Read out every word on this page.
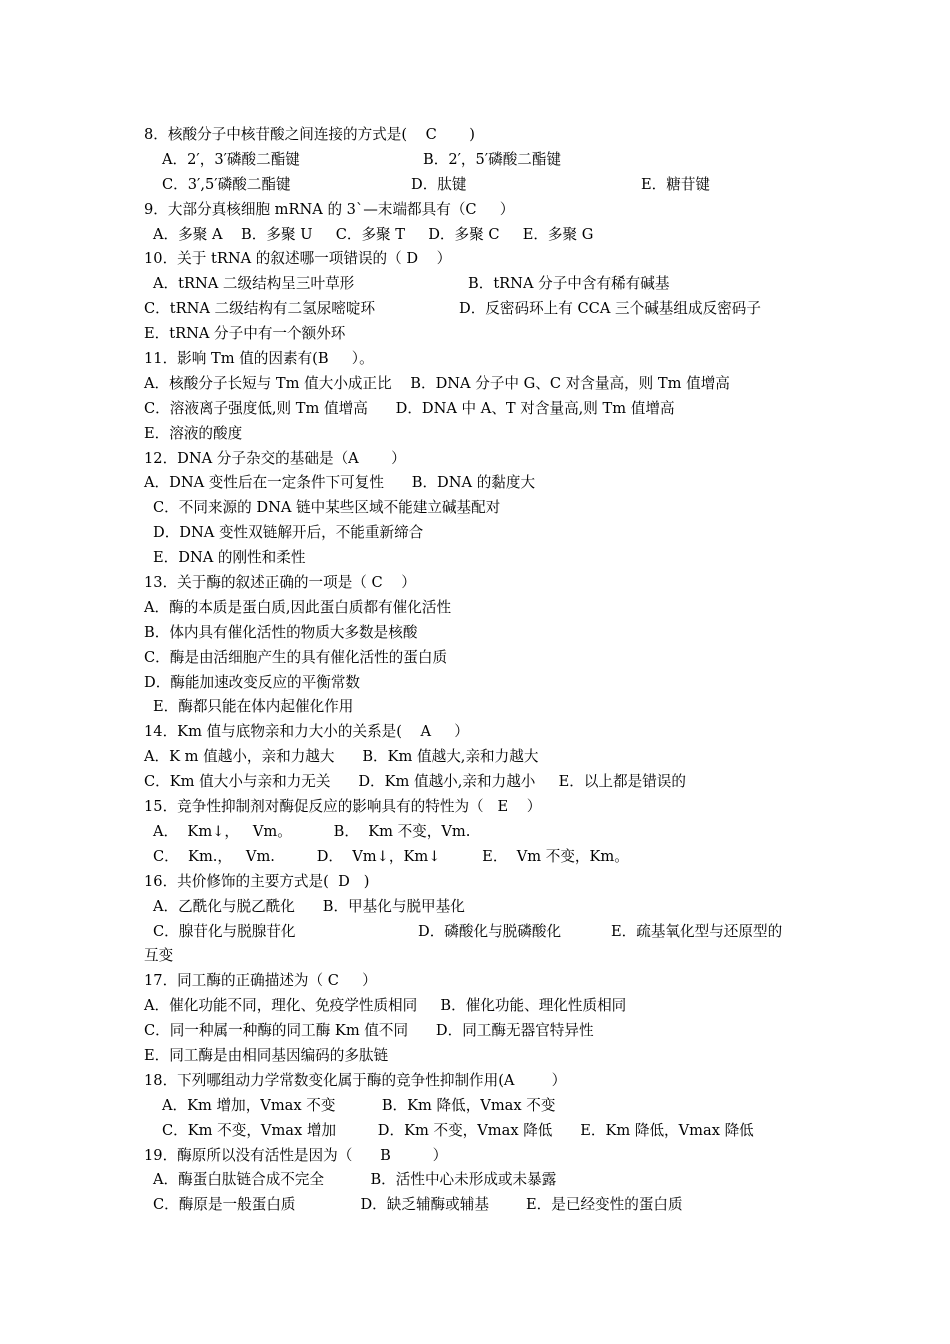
8．核酸分子中核苷酸之间连接的方式是(    C       )
A．2′，3′磷酸二酯键	B．2′，5′磷酸二酯键
C．3′,5′磷酸二酯键	D．肽键	E．糖苷键
9．大部分真核细胞 mRNA 的 3`—末端都具有（C     ）
A．多聚 A    B．多聚 U     C．多聚 T     D．多聚 C     E．多聚 G
10．关于 tRNA 的叙述哪一项错误的（ D    ）
A．tRNA 二级结构呈三叶草形	B．tRNA 分子中含有稀有碱基
C．tRNA 二级结构有二氢尿嘧啶环	D．反密码环上有 CCA 三个碱基组成反密码子
E．tRNA 分子中有一个额外环
11．影响 Tm 值的因素有(B     ）。
A．核酸分子长短与 Tm 值大小成正比    B．DNA 分子中 G、C 对含量高，则 Tm 值增高
C．溶液离子强度低,则 Tm 值增高      D．DNA 中 A、T 对含量高,则 Tm 值增高
E．溶液的酸度
12．DNA 分子杂交的基础是（A       ）
A．DNA 变性后在一定条件下可复性      B．DNA 的黏度大
C．不同来源的 DNA 链中某些区域不能建立碱基配对
D．DNA 变性双链解开后，不能重新缔合
E．DNA 的刚性和柔性
13．关于酶的叙述正确的一项是（ C    ）
A．酶的本质是蛋白质,因此蛋白质都有催化活性
B．体内具有催化活性的物质大多数是核酸
C．酶是由活细胞产生的具有催化活性的蛋白质
D．酶能加速改变反应的平衡常数
E．酶都只能在体内起催化作用
14．Km 值与底物亲和力大小的关系是(    A     ）
A．K m 值越小，亲和力越大      B．Km 值越大,亲和力越大
C．Km 值大小与亲和力无关      D．Km 值越小,亲和力越小     E．以上都是错误的
15．竞争性抑制剂对酶促反应的影响具有的特性为（   E    ）
A．  Km↓，   Vm。         B．  Km 不变，Vm.
C．  Km.，   Vm.         D．  Vm↓，Km↓         E．  Vm 不变，Km。
16．共价修饰的主要方式是(  D   )
A．乙酰化与脱乙酰化      B．甲基化与脱甲基化
C．腺苷化与脱腺苷化	D．磷酸化与脱磷酸化	E．疏基氧化型与还原型的
互变
17．同工酶的正确描述为（ C     ）
A．催化功能不同，理化、免疫学性质相同     B．催化功能、理化性质相同
C．同一种属一种酶的同工酶 Km 值不同      D．同工酶无器官特异性
E．同工酶是由相同基因编码的多肽链
18．下列哪组动力学常数变化属于酶的竞争性抑制作用(A        ）
A．Km 增加，Vmax 不变          B．Km 降低，Vmax 不变
C．Km 不变，Vmax 增加         D．Km 不变，Vmax 降低      E．Km 降低，Vmax 降低
19．酶原所以没有活性是因为（      B         ）
A．酶蛋白肽链合成不完全          B．活性中心未形成或未暴露
C．酶原是一般蛋白质              D．缺乏辅酶或辅基        E．是已经变性的蛋白质
